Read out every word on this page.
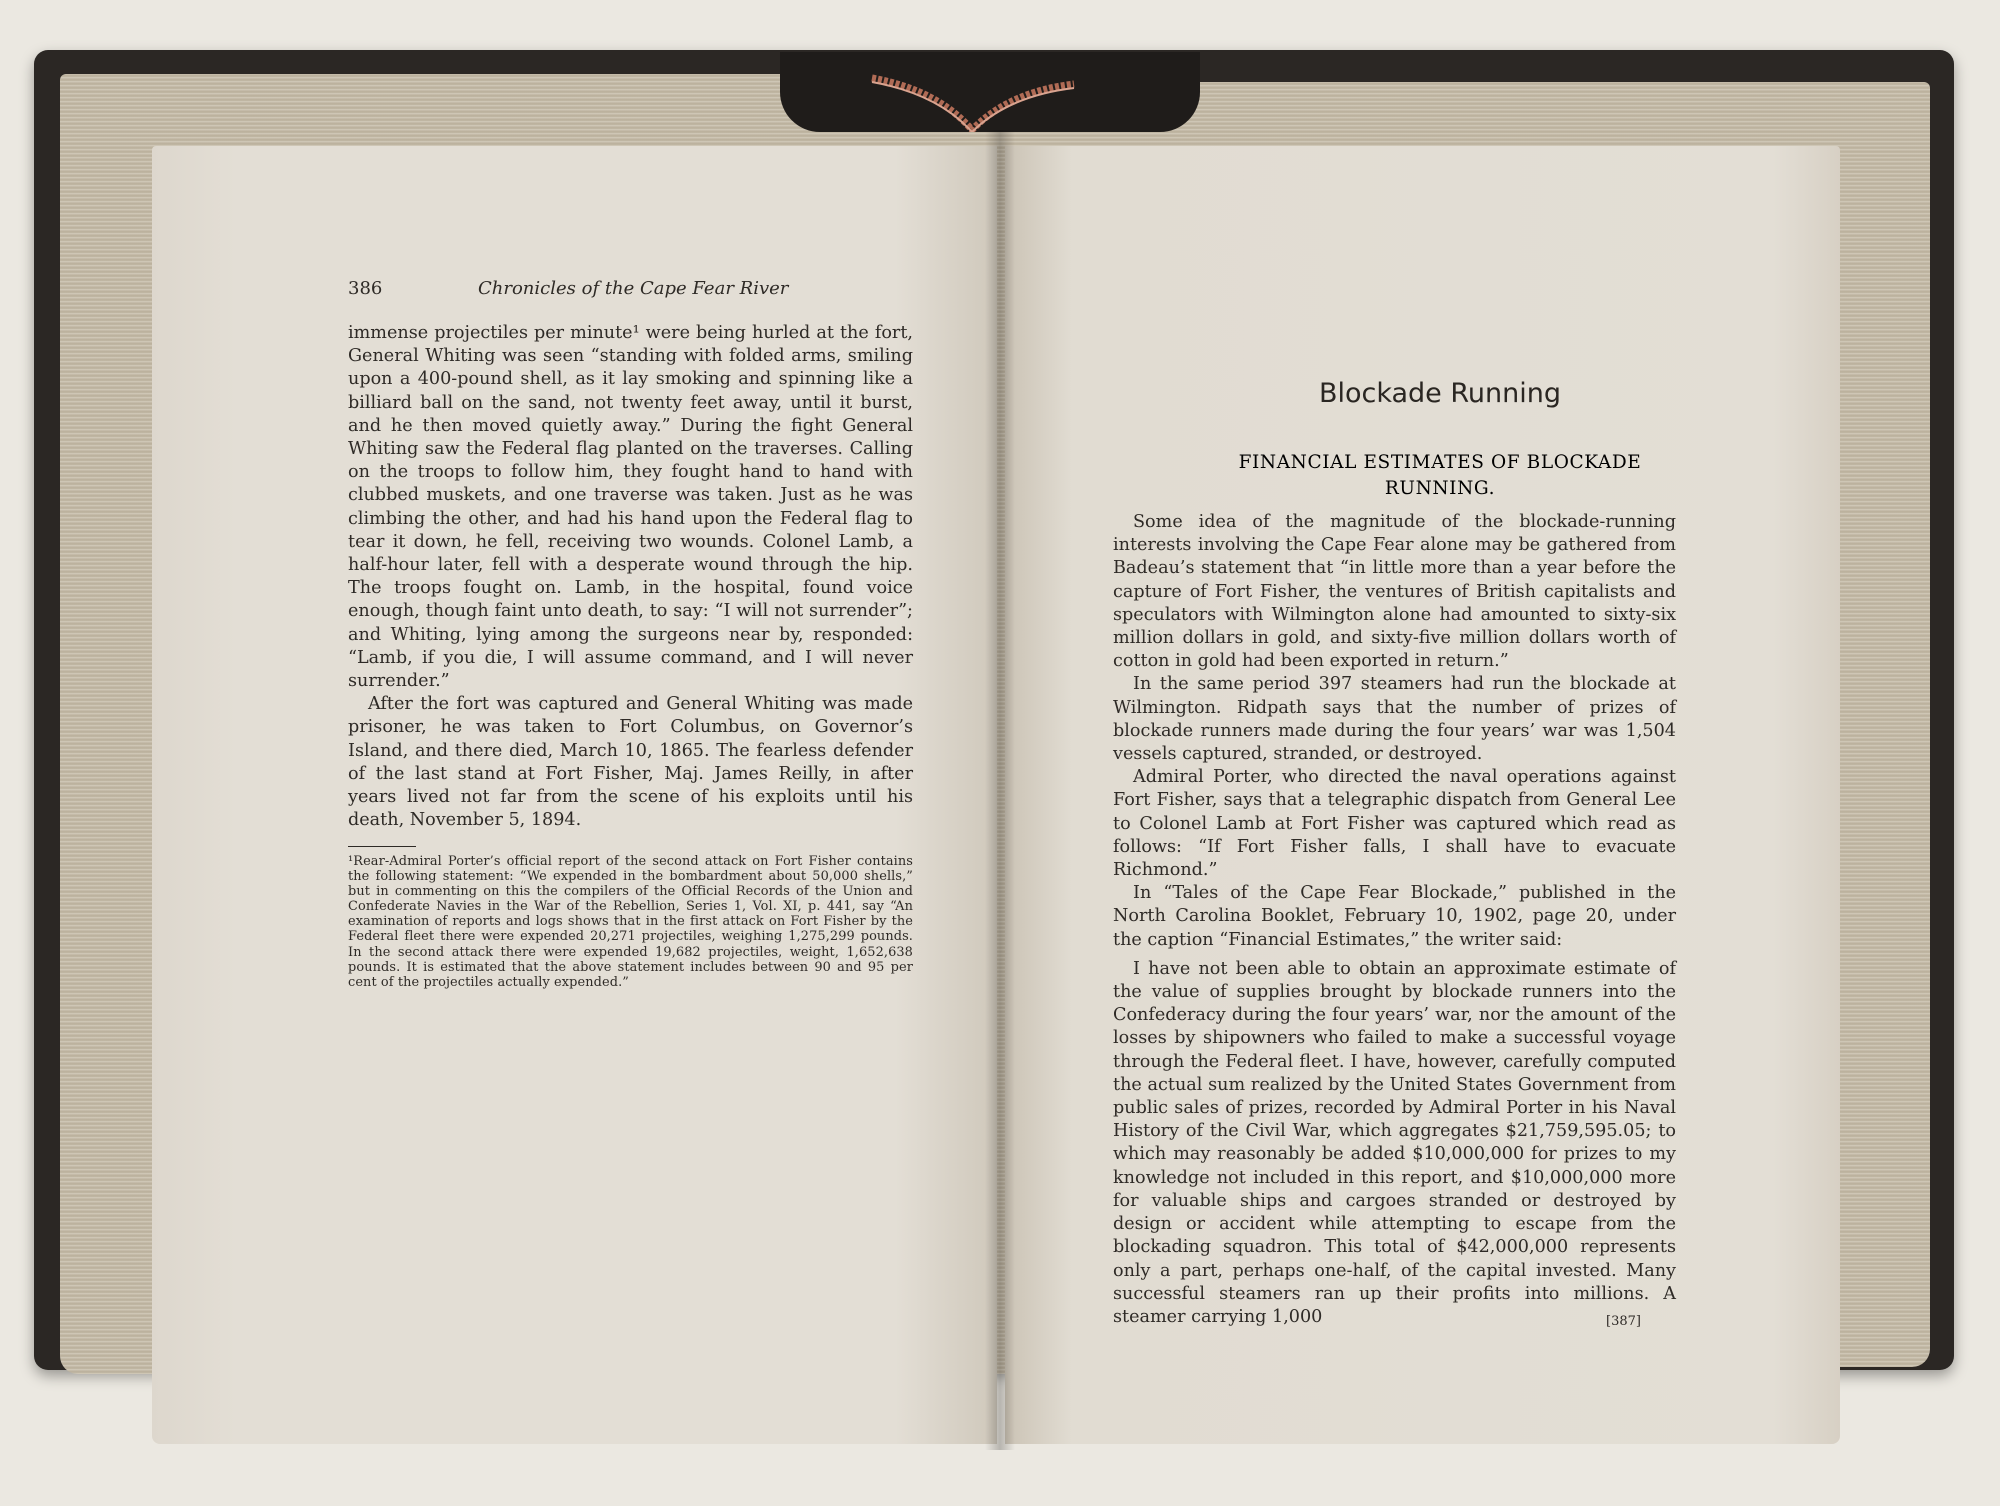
386	Chronicles of the Cape Fear River

immense projectiles per minute¹ were being hurled at the fort, General Whiting was seen “standing with folded arms, smiling upon a 400-pound shell, as it lay smoking and spinning like a billiard ball on the sand, not twenty feet away, until it burst, and he then moved quietly away.” During the fight General Whiting saw the Federal flag planted on the traverses. Calling on the troops to follow him, they fought hand to hand with clubbed muskets, and one traverse was taken. Just as he was climbing the other, and had his hand upon the Federal flag to tear it down, he fell, receiving two wounds. Colonel Lamb, a half-hour later, fell with a desperate wound through the hip. The troops fought on. Lamb, in the hospital, found voice enough, though faint unto death, to say: “I will not surrender”; and Whiting, lying among the surgeons near by, responded: “Lamb, if you die, I will assume command, and I will never surrender.”

After the fort was captured and General Whiting was made prisoner, he was taken to Fort Columbus, on Governor’s Island, and there died, March 10, 1865. The fearless defender of the last stand at Fort Fisher, Maj. James Reilly, in after years lived not far from the scene of his exploits until his death, November 5, 1894.

¹Rear-Admiral Porter’s official report of the second attack on Fort Fisher contains the following statement: “We expended in the bombardment about 50,000 shells,” but in commenting on this the compilers of the Official Records of the Union and Confederate Navies in the War of the Rebellion, Series 1, Vol. XI, p. 441, say “An examination of reports and logs shows that in the first attack on Fort Fisher by the Federal fleet there were expended 20,271 projectiles, weighing 1,275,299 pounds. In the second attack there were expended 19,682 projectiles, weight, 1,652,638 pounds. It is estimated that the above statement includes between 90 and 95 per cent of the projectiles actually expended.”
Blockade Running
FINANCIAL ESTIMATES OF BLOCKADE
RUNNING.

Some idea of the magnitude of the blockade-running interests involving the Cape Fear alone may be gathered from Badeau’s statement that “in little more than a year before the capture of Fort Fisher, the ventures of British capitalists and speculators with Wilmington alone had amounted to sixty-six million dollars in gold, and sixty-five million dollars worth of cotton in gold had been exported in return.”

In the same period 397 steamers had run the blockade at Wilmington. Ridpath says that the number of prizes of blockade runners made during the four years’ war was 1,504 vessels captured, stranded, or destroyed.

Admiral Porter, who directed the naval operations against Fort Fisher, says that a telegraphic dispatch from General Lee to Colonel Lamb at Fort Fisher was captured which read as follows: “If Fort Fisher falls, I shall have to evacuate Richmond.”

In “Tales of the Cape Fear Blockade,” published in the North Carolina Booklet, February 10, 1902, page 20, under the caption “Financial Estimates,” the writer said:

I have not been able to obtain an approximate estimate of the value of supplies brought by blockade runners into the Confederacy during the four years’ war, nor the amount of the losses by shipowners who failed to make a successful voyage through the Federal fleet. I have, however, carefully computed the actual sum realized by the United States Government from public sales of prizes, recorded by Admiral Porter in his Naval History of the Civil War, which aggregates $21,759,595.05; to which may reasonably be added $10,000,000 for prizes to my knowledge not included in this report, and $10,000,000 more for valuable ships and cargoes stranded or destroyed by design or accident while attempting to escape from the blockading squadron. This total of $42,000,000 represents only a part, perhaps one-half, of the capital invested. Many successful steamers ran up their profits into millions. A steamer carrying 1,000	[387]
